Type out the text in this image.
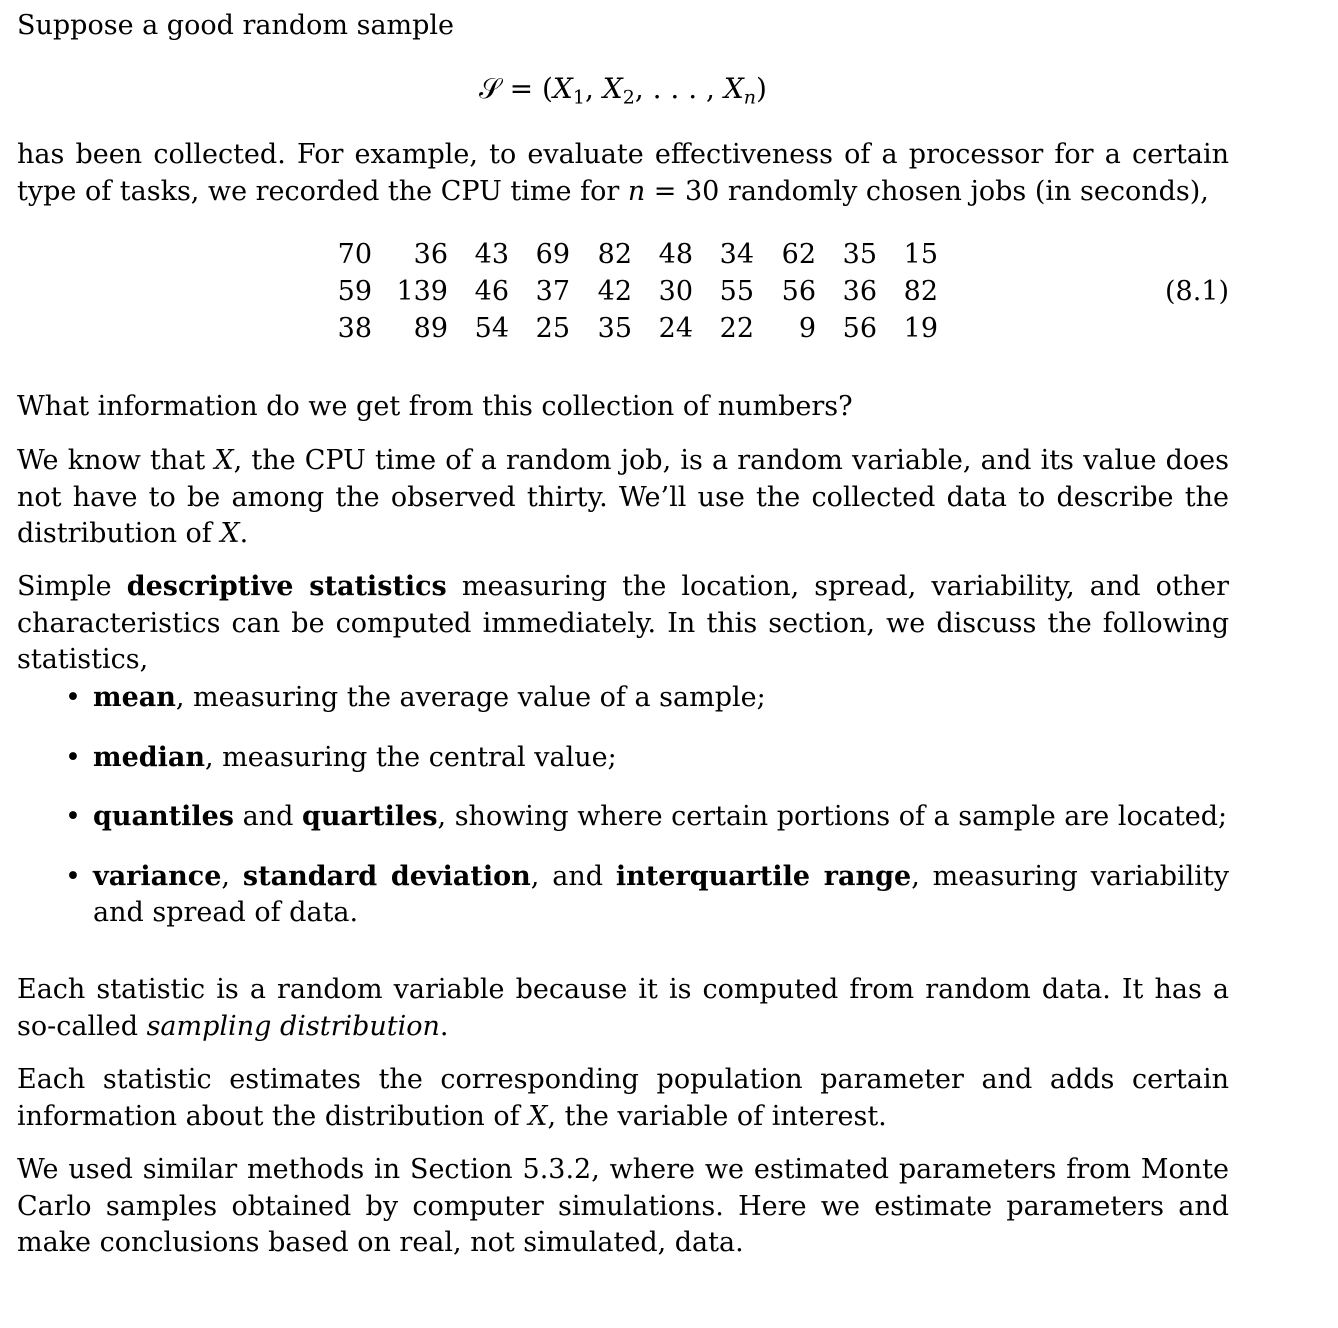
Suppose a good random sample

𝒮 = ($X_1$, $X_2$, . . . , $X_n$)

has been collected. For example, to evaluate effectiveness of a processor for a certain type of tasks, we recorded the CPU time for n = 30 randomly chosen jobs (in seconds),

70	36	43	69	82	48	34	62	35	15
59	139	46	37	42	30	55	56	36	82
38	89	54	25	35	24	22	9	56	19
(8.1)

What information do we get from this collection of numbers?

We know that X, the CPU time of a random job, is a random variable, and its value does not have to be among the observed thirty. We’ll use the collected data to describe the distribution of X.

Simple descriptive statistics measuring the location, spread, variability, and other characteristics can be computed immediately. In this section, we discuss the following statistics,

• mean, measuring the average value of a sample;
• median, measuring the central value;
• quantiles and quartiles, showing where certain portions of a sample are located;
• variance, standard deviation, and interquartile range, measuring variability and spread of data.

Each statistic is a random variable because it is computed from random data. It has a so-called sampling distribution.

Each statistic estimates the corresponding population parameter and adds certain information about the distribution of X, the variable of interest.

We used similar methods in Section 5.3.2, where we estimated parameters from Monte Carlo samples obtained by computer simulations. Here we estimate parameters and make conclusions based on real, not simulated, data.
